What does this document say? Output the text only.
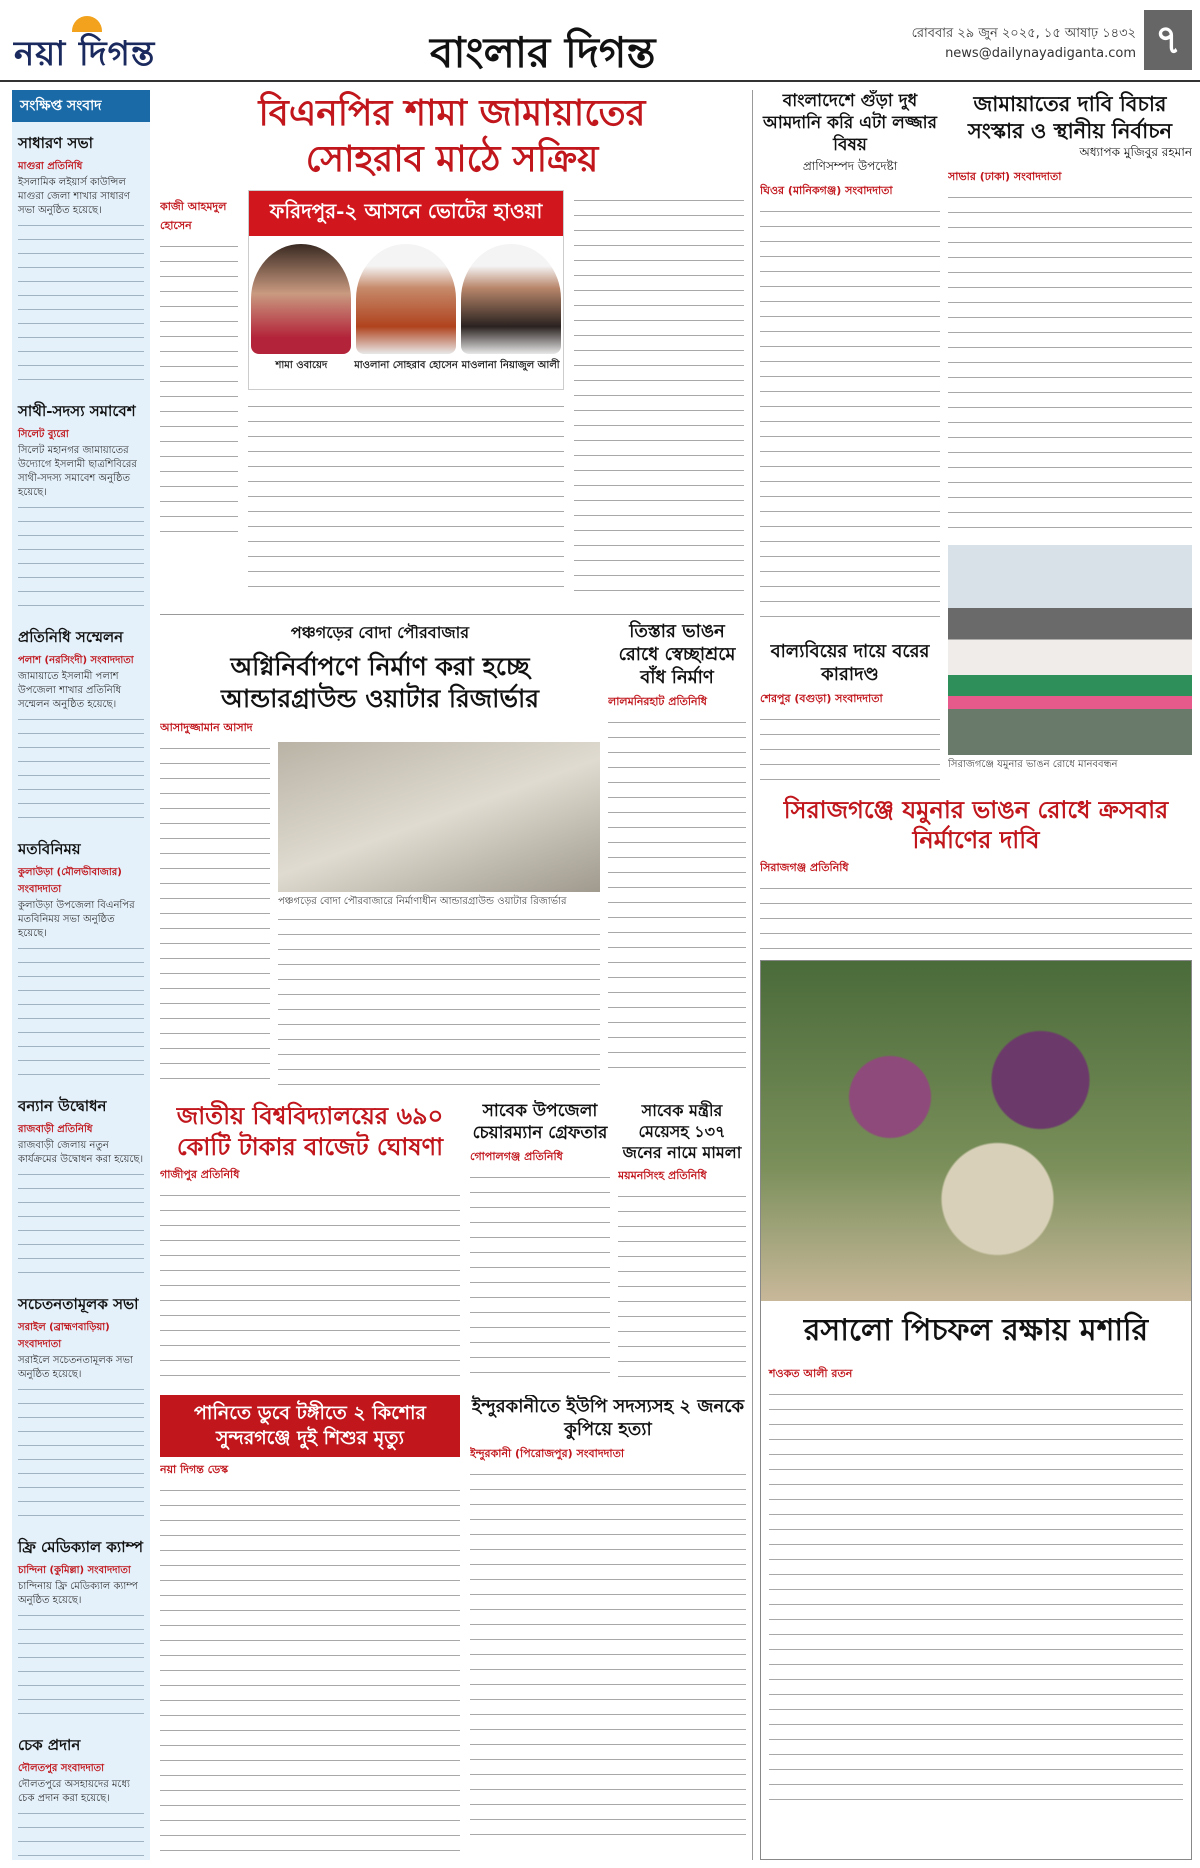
নয়া দিগন্ত	বাংলার দিগন্ত	রোববার ২৯ জুন ২০২৫, ১৫ আষাঢ় ১৪৩২
news@dailynayadiganta.com ৭
সংক্ষিপ্ত সংবাদ
সাধারণ সভা
মাগুরা প্রতিনিধি

ইসলামিক লইয়ার্স কাউন্সিল মাগুরা জেলা শাখার সাধারণ সভা অনুষ্ঠিত হয়েছে।

সাথী-সদস্য সমাবেশ
সিলেট ব্যুরো

সিলেট মহানগর জামায়াতের উদ্যোগে ইসলামী ছাত্রশিবিরের সাথী-সদস্য সমাবেশ অনুষ্ঠিত হয়েছে।

প্রতিনিধি সম্মেলন
পলাশ (নরসিংদী) সংবাদদাতা

জামায়াতে ইসলামী পলাশ উপজেলা শাখার প্রতিনিধি সম্মেলন অনুষ্ঠিত হয়েছে।

মতবিনিময়
কুলাউড়া (মৌলভীবাজার) সংবাদদাতা

কুলাউড়া উপজেলা বিএনপির মতবিনিময় সভা অনুষ্ঠিত হয়েছে।

বন্যান উদ্বোধন
রাজবাড়ী প্রতিনিধি

রাজবাড়ী জেলায় নতুন কার্যক্রমের উদ্বোধন করা হয়েছে।

সচেতনতামূলক সভা
সরাইল (ব্রাহ্মণবাড়িয়া) সংবাদদাতা

সরাইলে সচেতনতামূলক সভা অনুষ্ঠিত হয়েছে।

ফ্রি মেডিক্যাল ক্যাম্প
চান্দিনা (কুমিল্লা) সংবাদদাতা

চান্দিনায় ফ্রি মেডিক্যাল ক্যাম্প অনুষ্ঠিত হয়েছে।

চেক প্রদান
দৌলতপুর সংবাদদাতা

দৌলতপুরে অসহায়দের মধ্যে চেক প্রদান করা হয়েছে।

বিএনপির শামা জামায়াতের
সোহরাব মাঠে সক্রিয়
কাজী আহমদুল হোসেন
ফরিদপুর-২ আসনে ভোটের হাওয়া
শামা ওবায়েদ	মাওলানা সোহরাব হোসেন মাওলানা নিয়াজুল আলী
বাংলাদেশে গুঁড়া দুধ আমদানি করি এটা লজ্জার বিষয়
প্রাণিসম্পদ উপদেষ্টা
ঘিওর (মানিকগঞ্জ) সংবাদদাতা
জামায়াতের দাবি বিচার সংস্কার ও স্থানীয় নির্বাচন
অধ্যাপক মুজিবুর রহমান
সাভার (ঢাকা) সংবাদদাতা
সিরাজগঞ্জে যমুনার ভাঙন রোধে মানববন্ধন
সিরাজগঞ্জে যমুনার ভাঙন রোধে ক্রসবার নির্মাণের দাবি
সিরাজগঞ্জ প্রতিনিধি
বাল্যবিয়ের দায়ে বরের কারাদণ্ড
শেরপুর (বগুড়া) সংবাদদাতা
পঞ্চগড়ের বোদা পৌরবাজার
অগ্নিনির্বাপণে নির্মাণ করা হচ্ছে আন্ডারগ্রাউন্ড ওয়াটার রিজার্ভার
আসাদুজ্জামান আসাদ
পঞ্চগড়ের বোদা পৌরবাজারে নির্মাণাধীন আন্ডারগ্রাউন্ড ওয়াটার রিজার্ভার
তিস্তার ভাঙন রোধে স্বেচ্ছাশ্রমে বাঁধ নির্মাণ
লালমনিরহাট প্রতিনিধি
জাতীয় বিশ্ববিদ্যালয়ের ৬৯০ কোটি টাকার বাজেট ঘোষণা
গাজীপুর প্রতিনিধি
সাবেক উপজেলা চেয়ারম্যান গ্রেফতার
গোপালগঞ্জ প্রতিনিধি
সাবেক মন্ত্রীর মেয়েসহ ১৩৭ জনের নামে মামলা
ময়মনসিংহ প্রতিনিধি
পানিতে ডুবে টঙ্গীতে ২ কিশোর সুন্দরগঞ্জে দুই শিশুর মৃত্যু
নয়া দিগন্ত ডেস্ক
ইন্দুরকানীতে ইউপি সদস্যসহ ২ জনকে কুপিয়ে হত্যা
ইন্দুরকানী (পিরোজপুর) সংবাদদাতা
রসালো পিচফল রক্ষায় মশারি
শওকত আলী রতন
